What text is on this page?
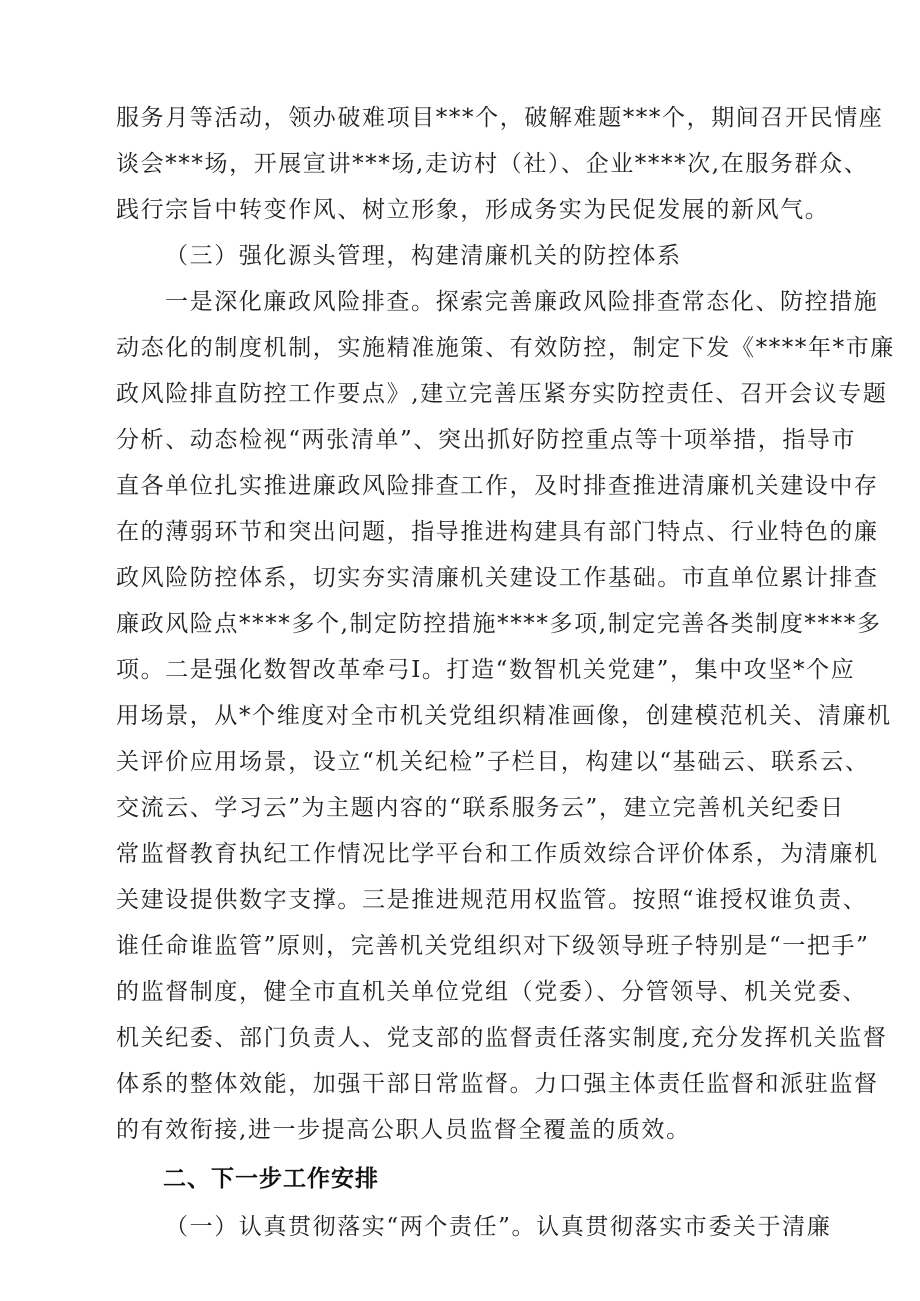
服务月等活动，领办破难项目***个，破解难题***个，期间召开民情座
谈会***场，开展宣讲***场,走访村（社）、企业****次,在服务群众、
践行宗旨中转变作风、树立形象，形成务实为民促发展的新风气。
（三）强化源头管理，构建清廉机关的防控体系
一是深化廉政风险排查。探索完善廉政风险排查常态化、防控措施
动态化的制度机制，实施精准施策、有效防控，制定下发《****年*市廉
政风险排直防控工作要点》,建立完善压紧夯实防控责任、召开会议专题
分析、动态检视“两张清单”、突出抓好防控重点等十项举措，指导市
直各单位扎实推进廉政风险排查工作，及时排查推进清廉机关建设中存
在的薄弱环节和突出问题，指导推进构建具有部门特点、行业特色的廉
政风险防控体系，切实夯实清廉机关建设工作基础。市直单位累计排查
廉政风险点****多个,制定防控措施****多项,制定完善各类制度****多
项。二是强化数智改革牵弓I。打造“数智机关党建”，集中攻坚*个应
用场景，从*个维度对全市机关党组织精准画像，创建模范机关、清廉机
关评价应用场景，设立“机关纪检”子栏目，构建以“基础云、联系云、
交流云、学习云”为主题内容的“联系服务云”，建立完善机关纪委日
常监督教育执纪工作情况比学平台和工作质效综合评价体系，为清廉机
关建设提供数字支撑。三是推进规范用权监管。按照“谁授权谁负责、
谁任命谁监管”原则，完善机关党组织对下级领导班子特别是“一把手”
的监督制度，健全市直机关单位党组（党委）、分管领导、机关党委、
机关纪委、部门负责人、党支部的监督责任落实制度,充分发挥机关监督
体系的整体效能，加强干部日常监督。力口强主体责任监督和派驻监督
的有效衔接,进一步提高公职人员监督全覆盖的质效。
二、下一步工作安排
（一）认真贯彻落实“两个责任”。认真贯彻落实市委关于清廉
